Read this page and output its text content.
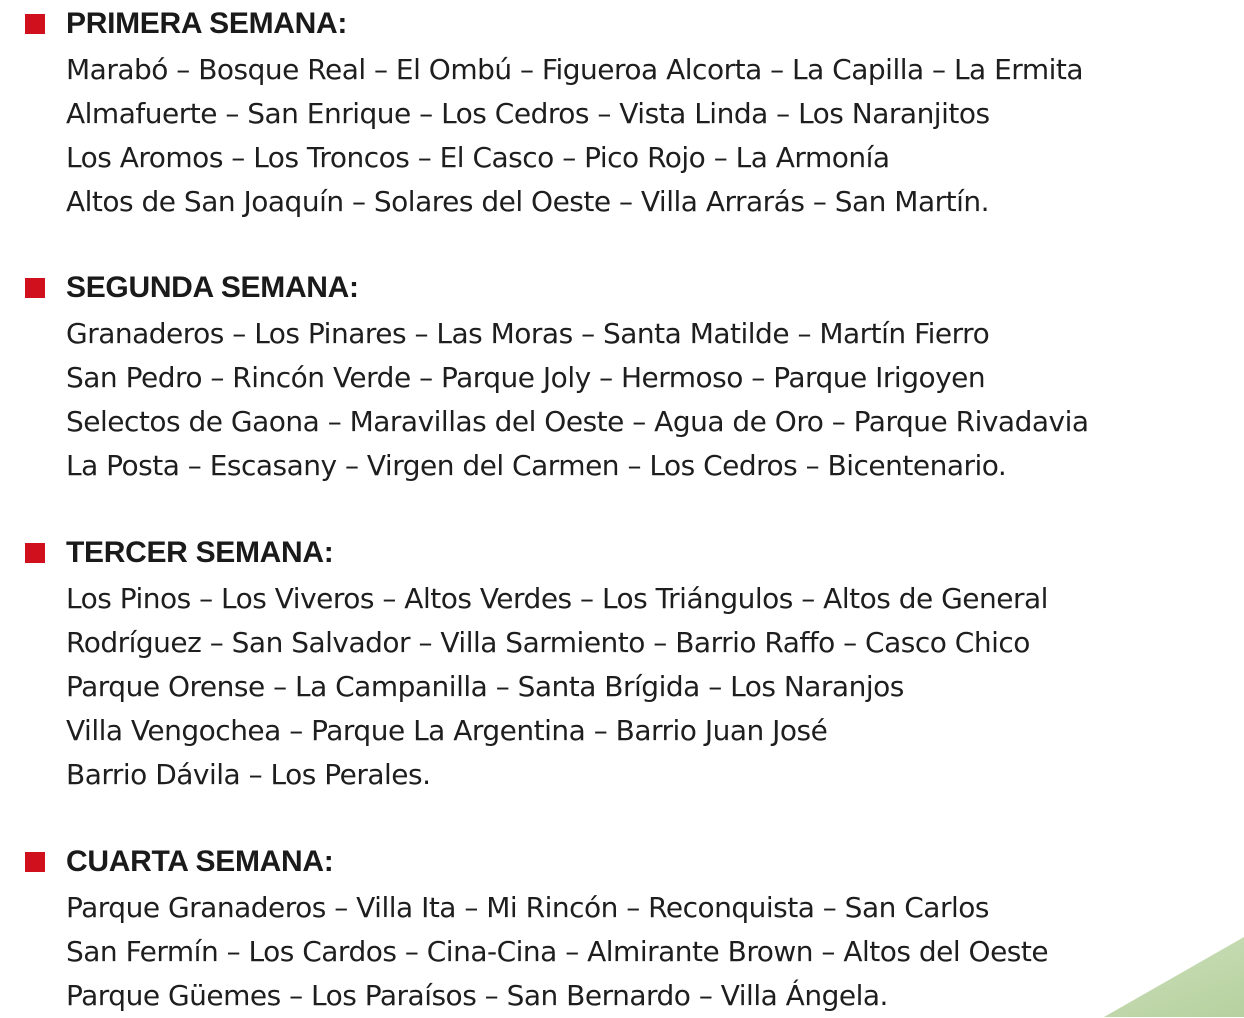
PRIMERA SEMANA:
Marabó – Bosque Real – El Ombú – Figueroa Alcorta – La Capilla – La Ermita
Almafuerte – San Enrique – Los Cedros – Vista Linda – Los Naranjitos
Los Aromos – Los Troncos – El Casco – Pico Rojo – La Armonía
Altos de San Joaquín – Solares del Oeste – Villa Arrarás – San Martín.
SEGUNDA SEMANA:
Granaderos – Los Pinares – Las Moras – Santa Matilde – Martín Fierro
San Pedro – Rincón Verde – Parque Joly – Hermoso – Parque Irigoyen
Selectos de Gaona – Maravillas del Oeste – Agua de Oro – Parque Rivadavia
La Posta – Escasany – Virgen del Carmen – Los Cedros – Bicentenario.
TERCER SEMANA:
Los Pinos – Los Viveros – Altos Verdes – Los Triángulos – Altos de General
Rodríguez – San Salvador – Villa Sarmiento – Barrio Raffo – Casco Chico
Parque Orense – La Campanilla – Santa Brígida – Los Naranjos
Villa Vengochea – Parque La Argentina – Barrio Juan José
Barrio Dávila – Los Perales.
CUARTA SEMANA:
Parque Granaderos – Villa Ita – Mi Rincón – Reconquista – San Carlos
San Fermín – Los Cardos – Cina-Cina – Almirante Brown – Altos del Oeste
Parque Güemes – Los Paraísos – San Bernardo – Villa Ángela.
